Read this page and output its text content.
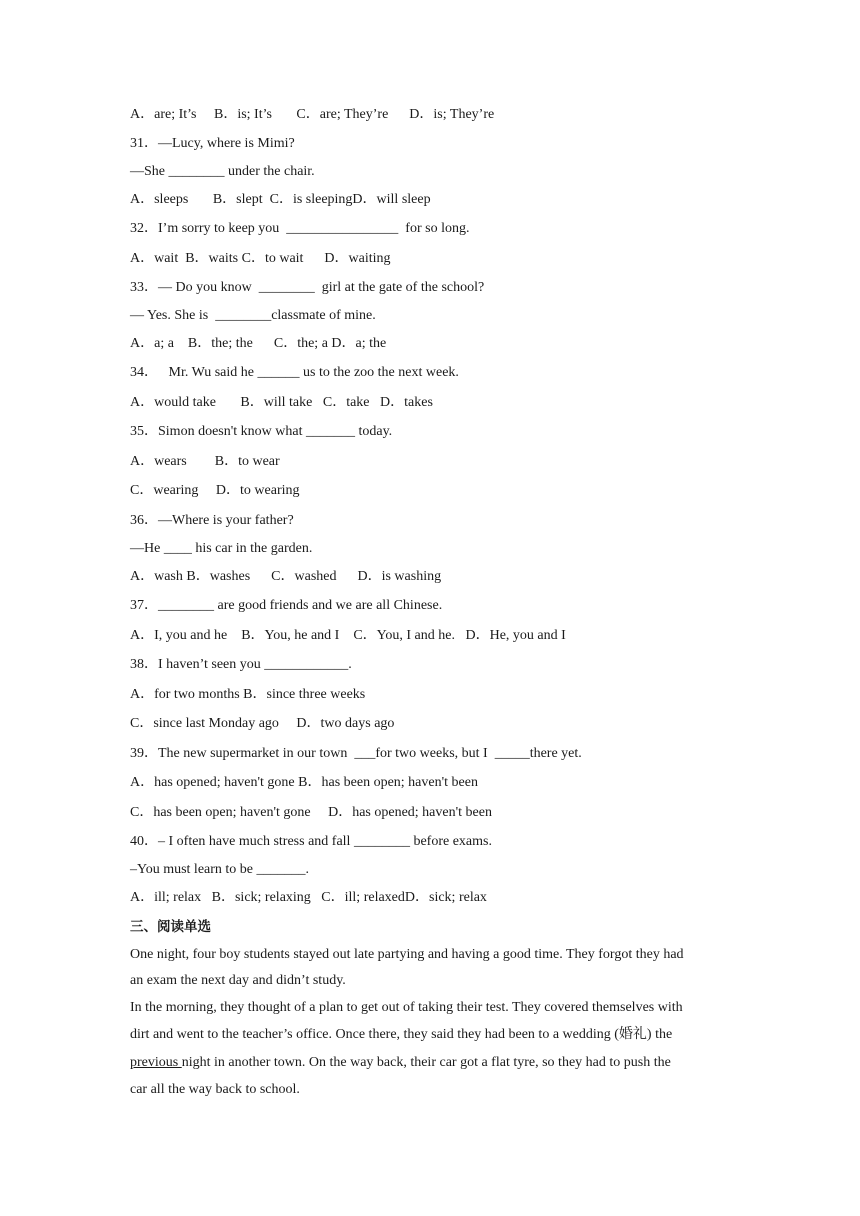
A．are; It’s     B．is; It’s       C．are; They’re      D．is; They’re
31．—Lucy, where is Mimi?
—She ________ under the chair.
A．sleeps       B．slept  C．is sleepingD．will sleep
32．I’m sorry to keep you  ________________  for so long.
A．wait  B．waits C．to wait      D．waiting
33．— Do you know  ________  girl at the gate of the school?
— Yes. She is  ________classmate of mine.
A．a; a    B．the; the      C．the; a D．a; the
34．   Mr. Wu said he ______ us to the zoo the next week.
A．would take       B．will take   C．take   D．takes
35．Simon doesn't know what _______ today.
A．wears        B．to wear
C．wearing     D．to wearing
36．—Where is your father?
—He ____ his car in the garden.
A．wash B．washes      C．washed      D．is washing
37．________ are good friends and we are all Chinese.
A．I, you and he    B．You, he and I    C．You, I and he.   D．He, you and I
38．I haven’t seen you ____________.
A．for two months B．since three weeks
C．since last Monday ago     D．two days ago
39．The new supermarket in our town  ___for two weeks, but I  _____there yet.
A．has opened; haven't gone B．has been open; haven't been
C．has been open; haven't gone     D．has opened; haven't been
40．– I often have much stress and fall ________ before exams.
–You must learn to be _______.
A．ill; relax   B．sick; relaxing   C．ill; relaxedD．sick; relax
三、阅读单选
One night, four boy students stayed out late partying and having a good time. They forgot they had
an exam the next day and didn’t study.
In the morning, they thought of a plan to get out of taking their test. They covered themselves with
dirt and went to the teacher’s office. Once there, they said they had been to a wedding (婚礼) the
previous night in another town. On the way back, their car got a flat tyre, so they had to push the
car all the way back to school.
